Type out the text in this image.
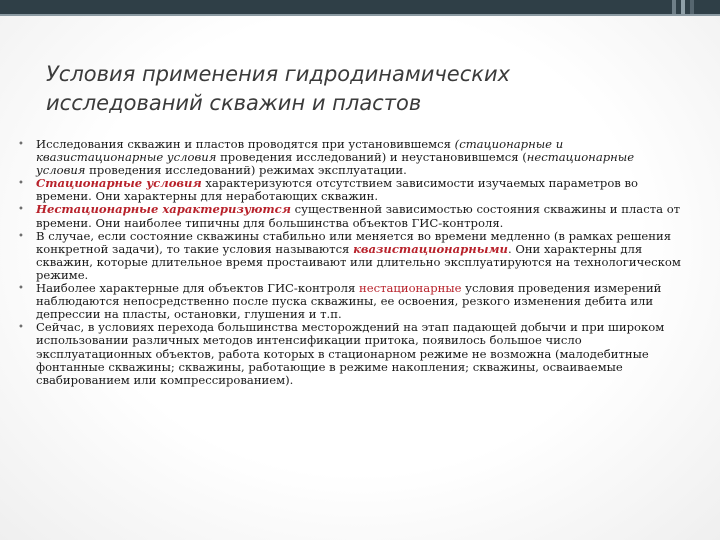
Условия применения гидродинамических
исследований скважин и пластов
• Исследования скважин и пластов проводятся при установившемся (стационарные и квазистационарные условия проведения исследований) и неустановившемся (нестационарные условия проведения исследований) режимах эксплуатации.
• Стационарные условия характеризуются отсутствием зависимости изучаемых параметров во времени. Они характерны для неработающих скважин.
• Нестационарные характеризуются существенной зависимостью состояния скважины и пласта от времени. Они наиболее типичны для большинства объектов ГИС-контроля.
• В случае, если состояние скважины стабильно или меняется во времени медленно (в рамках решения конкретной задачи), то такие условия называются квазистационарными. Они характерны для скважин, которые длительное время простаивают или длительно эксплуатируются на технологическом режиме.
• Наиболее характерные для объектов ГИС-контроля нестационарные условия проведения измерений наблюдаются непосредственно после пуска скважины, ее освоения, резкого изменения дебита или депрессии на пласты, остановки, глушения и т.п.
• Сейчас, в условиях перехода большинства месторождений на этап падающей добычи и при широком использовании различных методов интенсификации притока, появилось большое число эксплуатационных объектов, работа которых в стационарном режиме не возможна (малодебитные фонтанные скважины; скважины, работающие в режиме накопления; скважины, осваиваемые свабированием или компрессированием).
